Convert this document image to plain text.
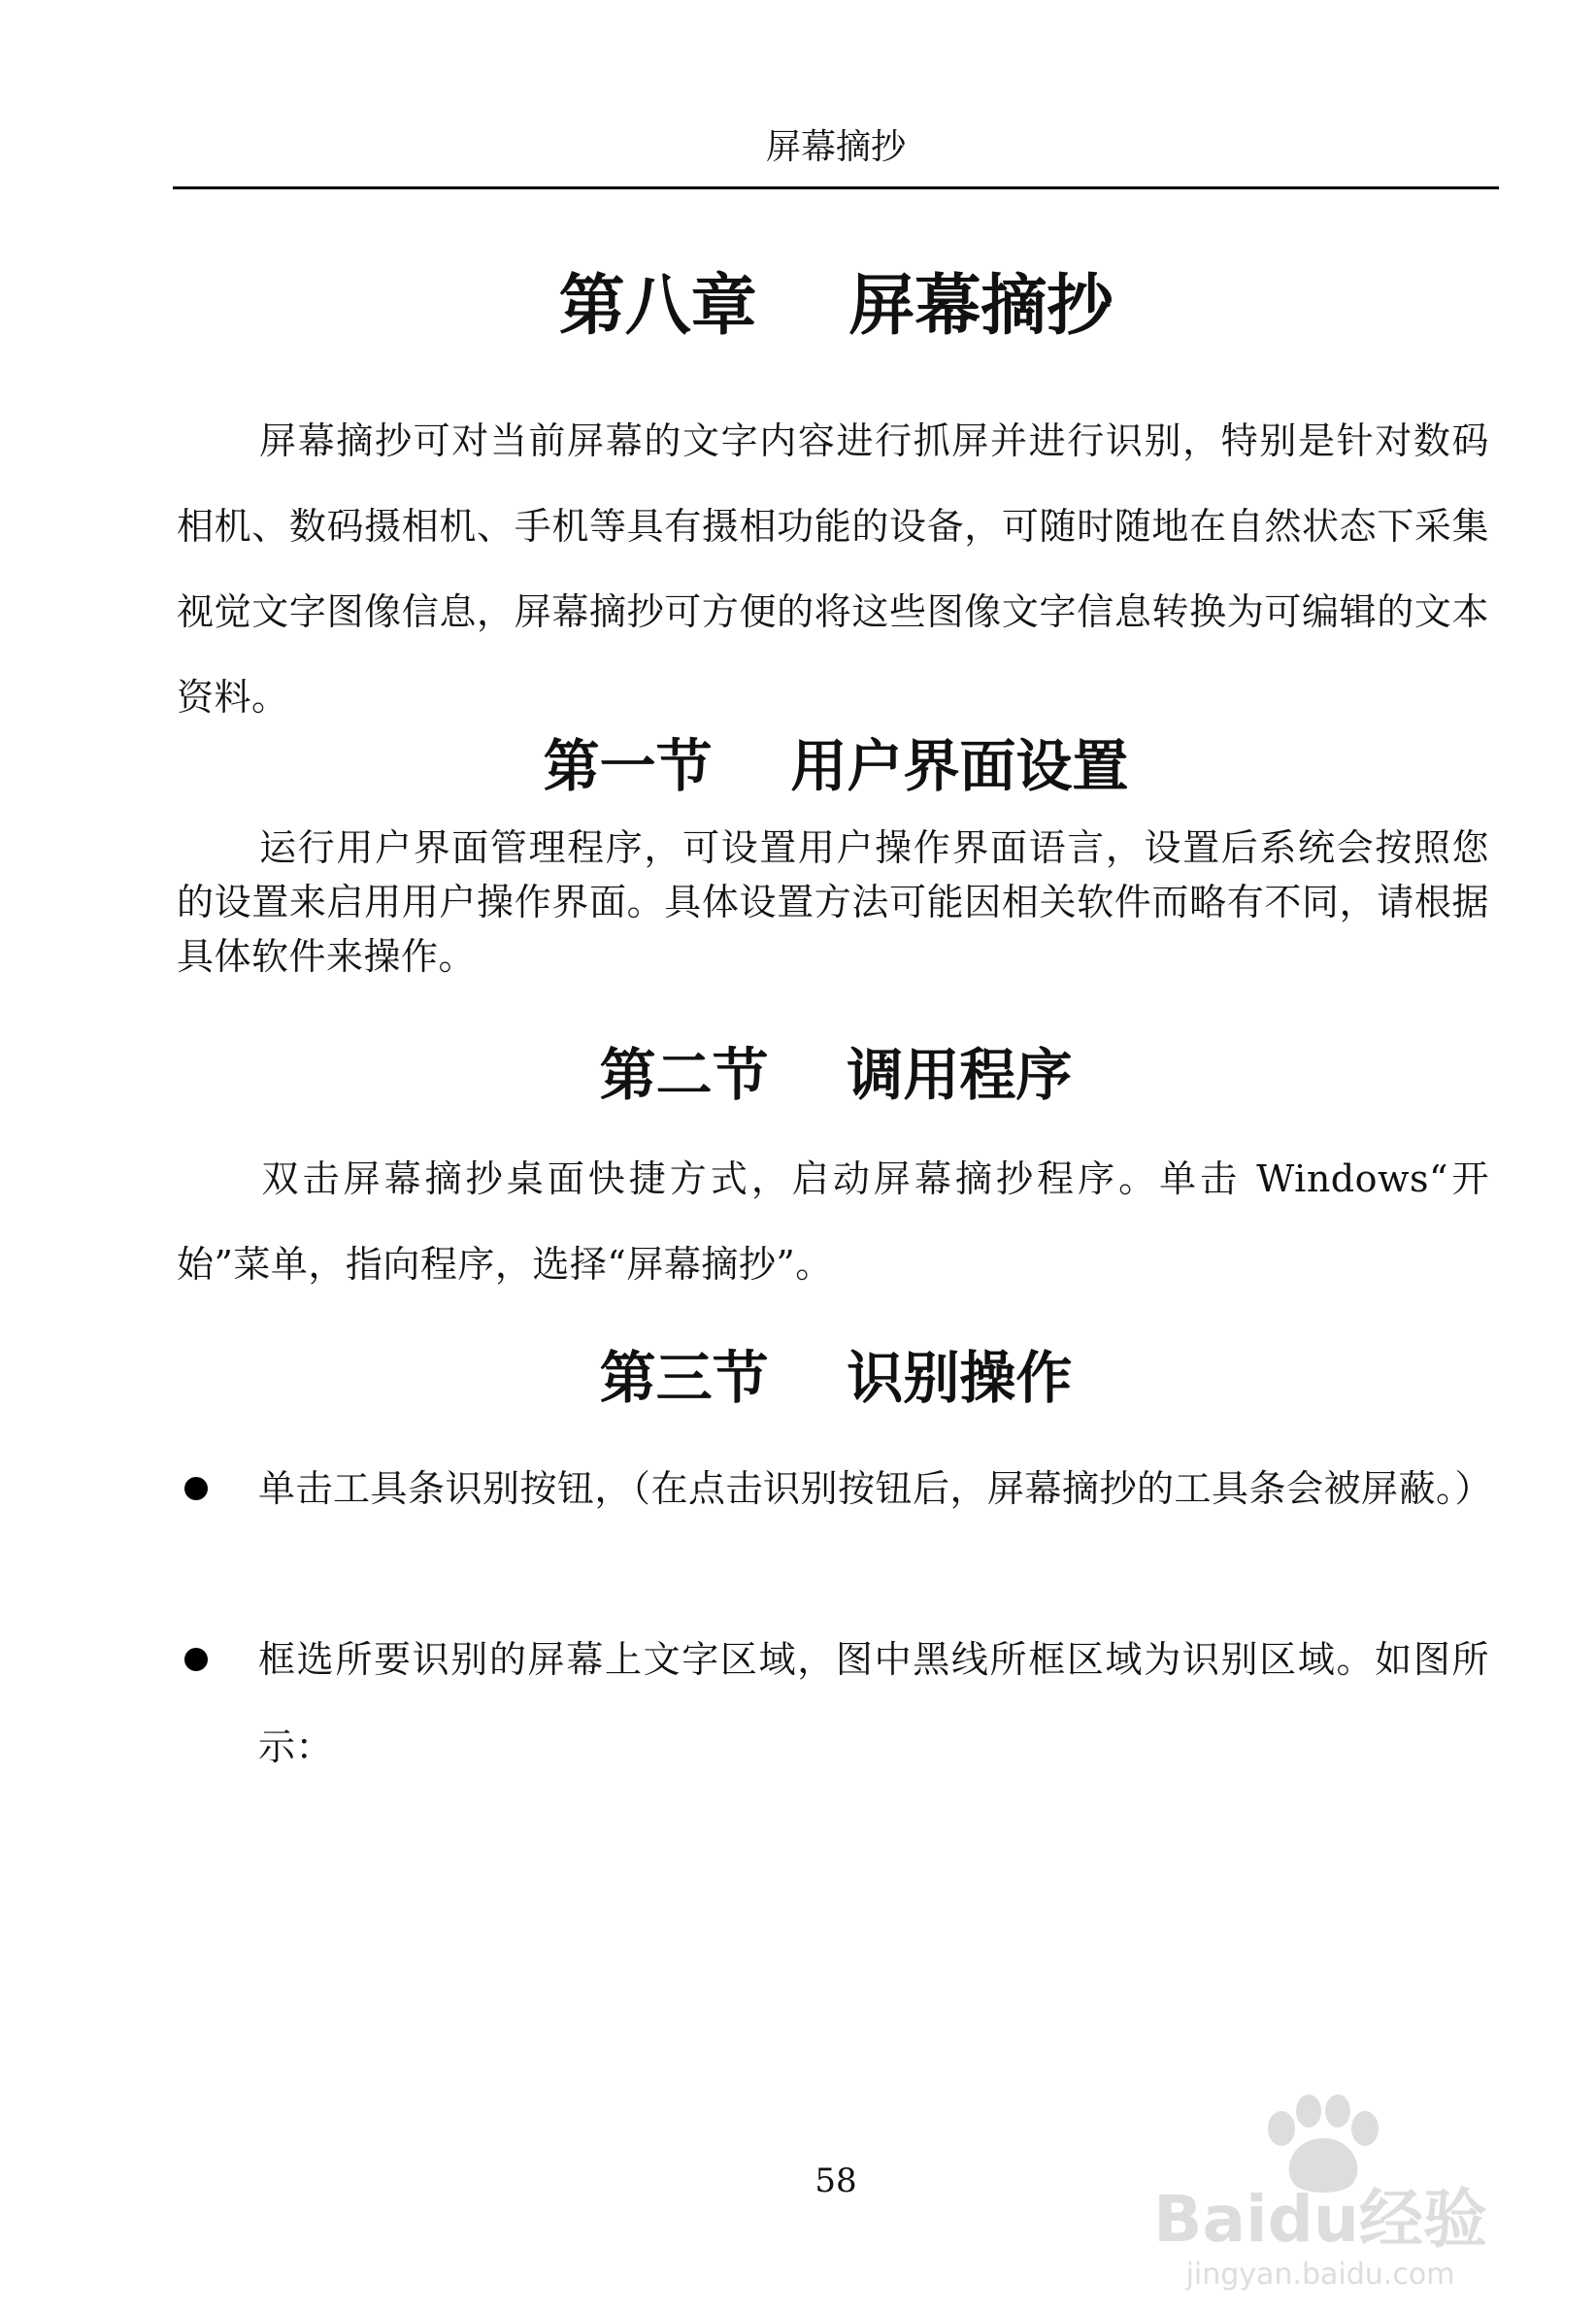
屏幕摘抄
第八章    屏幕摘抄

屏幕摘抄可对当前屏幕的文字内容进行抓屏并进行识别，特别是针对数码相机、数码摄相机、手机等具有摄相功能的设备，可随时随地在自然状态下采集视觉文字图像信息，屏幕摘抄可方便的将这些图像文字信息转换为可编辑的文本资料。

第一节    用户界面设置

运行用户界面管理程序，可设置用户操作界面语言，设置后系统会按照您的设置来启用用户操作界面。具体设置方法可能因相关软件而略有不同，请根据具体软件来操作。

第二节    调用程序

双击屏幕摘抄桌面快捷方式，启动屏幕摘抄程序。单击 Windows“开始”菜单，指向程序，选择“屏幕摘抄”。

第三节    识别操作
单击工具条识别按钮，（在点击识别按钮后，屏幕摘抄的工具条会被屏蔽。）
框选所要识别的屏幕上文字区域，图中黑线所框区域为识别区域。如图所示：
58
Baidu经验
jingyan.baidu.com
